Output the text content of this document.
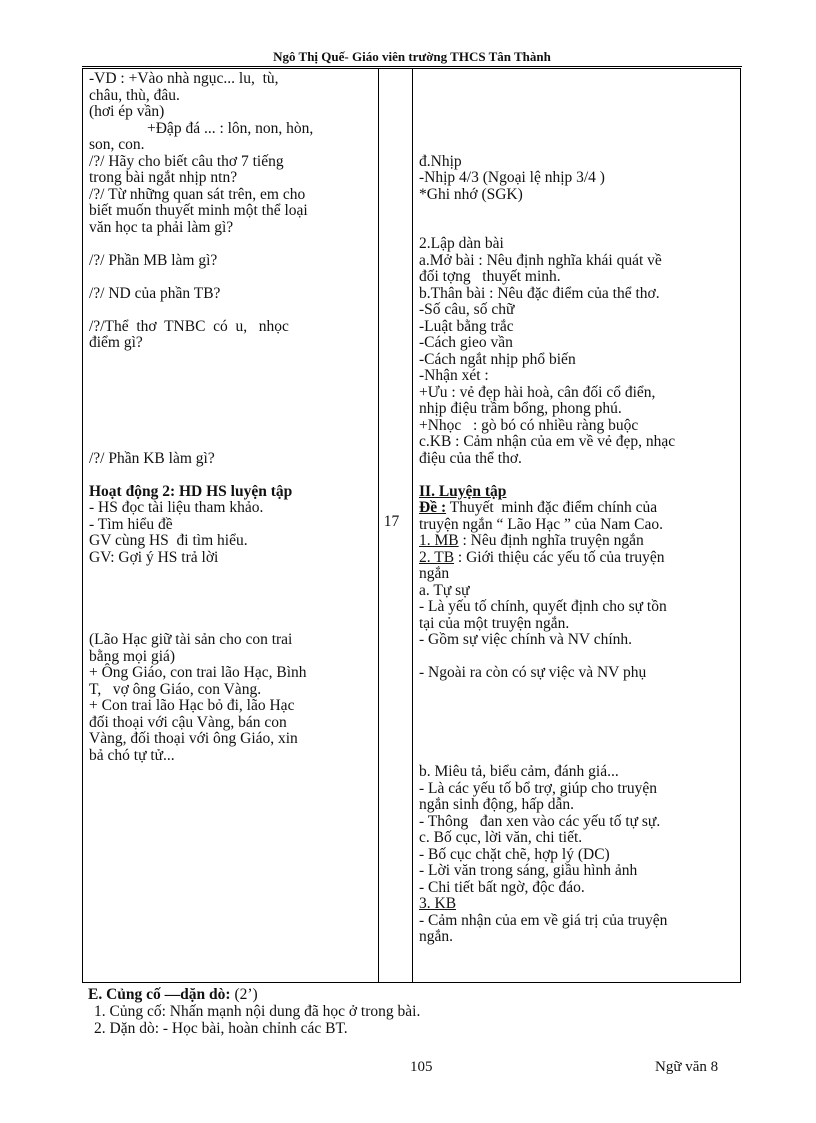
Ngô Thị Quế- Giáo viên trường THCS Tân Thành
-VD : +Vào nhà ngục... lu,  tù,
châu, thù, đâu.
(hơi ép vần)
+Đập đá ... : lôn, non, hòn,
son, con.
/?/ Hãy cho biết câu thơ 7 tiếng
trong bài ngắt nhịp ntn?
/?/ Từ những quan sát trên, em cho
biết muốn thuyết minh một thể loại
văn học ta phải làm gì?
/?/ Phần MB làm gì?
/?/ ND của phần TB?
/?/Thể  thơ  TNBC  có  u,   nhọc
điểm gì?
/?/ Phần KB làm gì?
Hoạt động 2: HD HS luyện tập
- HS đọc tài liệu tham khảo.
- Tìm hiểu đề
GV cùng HS  đi tìm hiểu.
GV: Gợi ý HS trả lời
(Lão Hạc giữ tài sản cho con trai
bằng mọi giá)
+ Ông Giáo, con trai lão Hạc, Bình
T,   vợ ông Giáo, con Vàng.
+ Con trai lão Hạc bỏ đi, lão Hạc
đối thoại với cậu Vàng, bán con
Vàng, đối thoại với ông Giáo, xin
bả chó tự tử...
17
đ.Nhịp
-Nhịp 4/3 (Ngoại lệ nhịp 3/4 )
*Ghi nhớ (SGK)
2.Lập dàn bài
a.Mở bài : Nêu định nghĩa khái quát về
đối tợng   thuyết minh.
b.Thân bài : Nêu đặc điểm của thể thơ.
-Số câu, số chữ
-Luật bằng trắc
-Cách gieo vần
-Cách ngắt nhịp phổ biến
-Nhận xét :
+Ưu : vẻ đẹp hài hoà, cân đối cổ điển,
nhịp điệu trầm bổng, phong phú.
+Nhọc   : gò bó có nhiều ràng buộc
c.KB : Cảm nhận của em về vẻ đẹp, nhạc
điệu của thể thơ.
II. Luyện tập
Đề : Thuyết  minh đặc điểm chính của
truyện ngắn “ Lão Hạc ” của Nam Cao.
1. MB : Nêu định nghĩa truyện ngắn
2. TB : Giới thiệu các yếu tố của truyện
ngắn
a. Tự sự
- Là yếu tố chính, quyết định cho sự tồn
tại của một truyện ngắn.
- Gồm sự việc chính và NV chính.
- Ngoài ra còn có sự việc và NV phụ
b. Miêu tả, biểu cảm, đánh giá...
- Là các yếu tố bổ trợ, giúp cho truyện
ngắn sinh động, hấp dẫn.
- Thông   đan xen vào các yếu tố tự sự.
c. Bố cục, lời văn, chi tiết.
- Bố cục chặt chẽ, hợp lý (DC)
- Lời văn trong sáng, giầu hình ảnh
- Chi tiết bất ngờ, độc đáo.
3. KB
- Cảm nhận của em về giá trị của truyện
ngắn.
E. Củng cố —dặn dò: (2’)
1. Củng cố: Nhấn mạnh nội dung đã học ở trong bài.
2. Dặn dò: - Học bài, hoàn chỉnh các BT.
105	Ngữ văn 8
